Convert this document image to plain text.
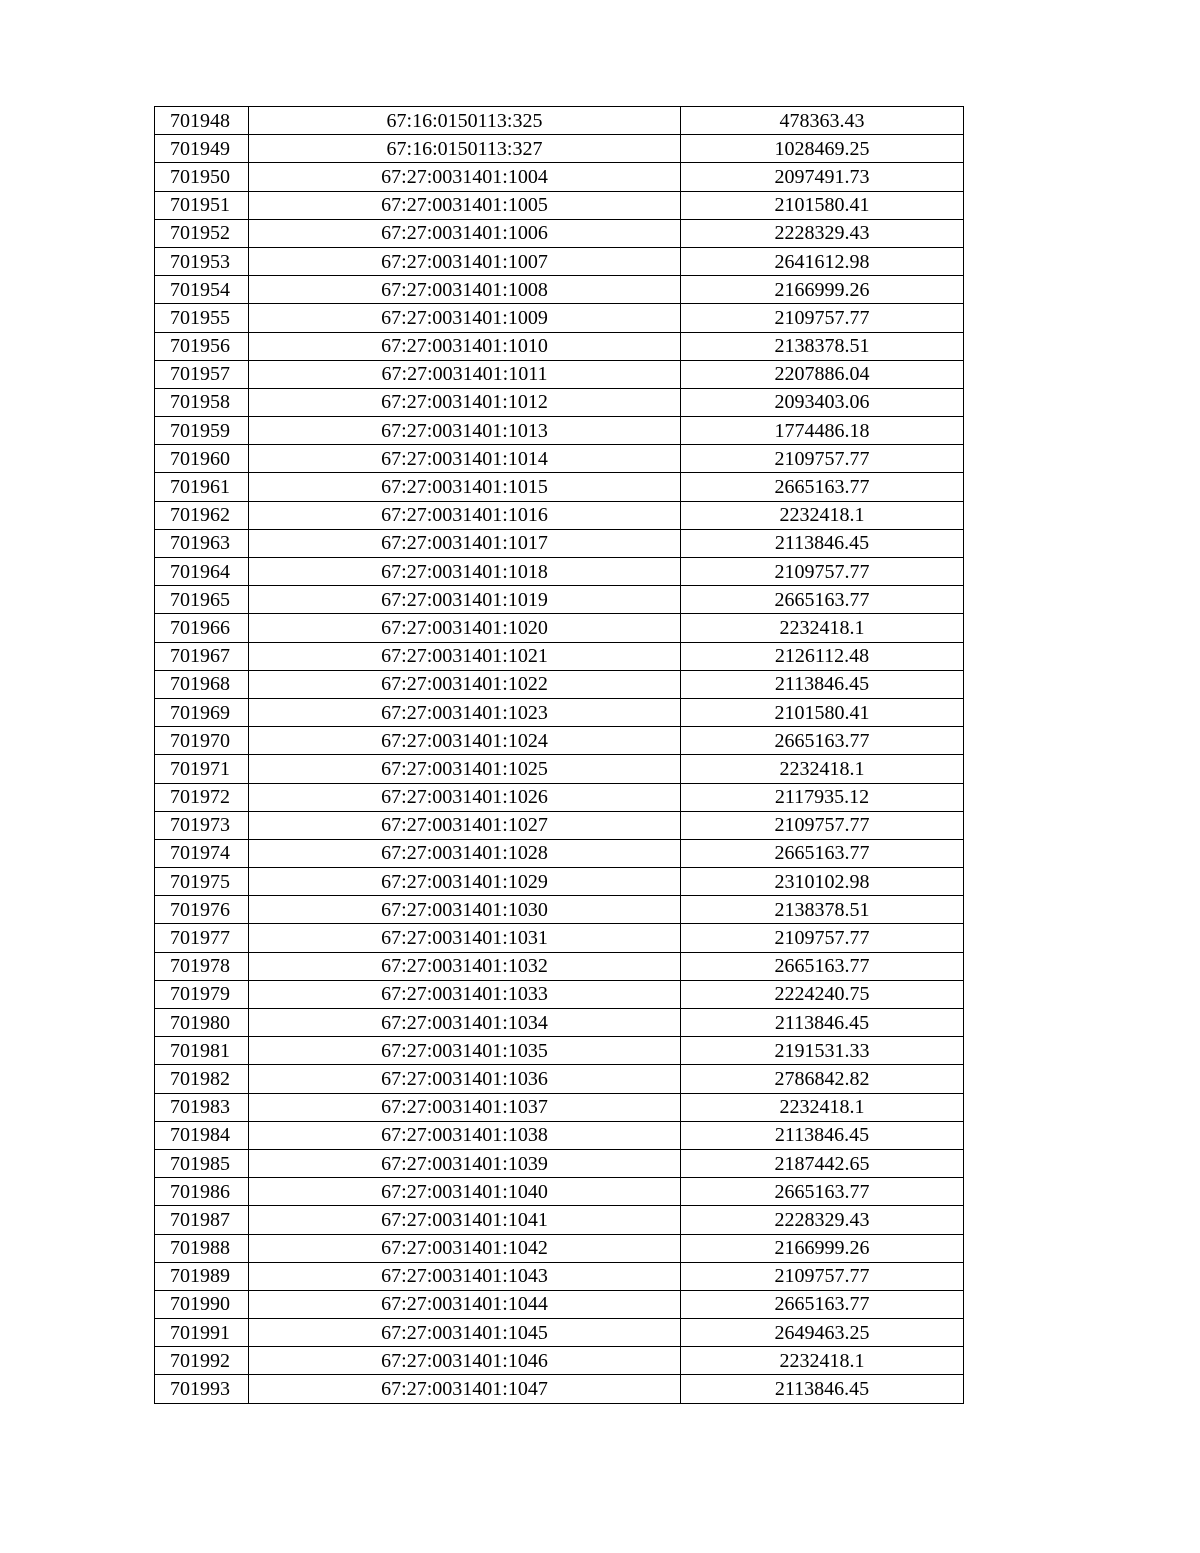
701948	67:16:0150113:325	478363.43
701949	67:16:0150113:327	1028469.25
701950	67:27:0031401:1004	2097491.73
701951	67:27:0031401:1005	2101580.41
701952	67:27:0031401:1006	2228329.43
701953	67:27:0031401:1007	2641612.98
701954	67:27:0031401:1008	2166999.26
701955	67:27:0031401:1009	2109757.77
701956	67:27:0031401:1010	2138378.51
701957	67:27:0031401:1011	2207886.04
701958	67:27:0031401:1012	2093403.06
701959	67:27:0031401:1013	1774486.18
701960	67:27:0031401:1014	2109757.77
701961	67:27:0031401:1015	2665163.77
701962	67:27:0031401:1016	2232418.1
701963	67:27:0031401:1017	2113846.45
701964	67:27:0031401:1018	2109757.77
701965	67:27:0031401:1019	2665163.77
701966	67:27:0031401:1020	2232418.1
701967	67:27:0031401:1021	2126112.48
701968	67:27:0031401:1022	2113846.45
701969	67:27:0031401:1023	2101580.41
701970	67:27:0031401:1024	2665163.77
701971	67:27:0031401:1025	2232418.1
701972	67:27:0031401:1026	2117935.12
701973	67:27:0031401:1027	2109757.77
701974	67:27:0031401:1028	2665163.77
701975	67:27:0031401:1029	2310102.98
701976	67:27:0031401:1030	2138378.51
701977	67:27:0031401:1031	2109757.77
701978	67:27:0031401:1032	2665163.77
701979	67:27:0031401:1033	2224240.75
701980	67:27:0031401:1034	2113846.45
701981	67:27:0031401:1035	2191531.33
701982	67:27:0031401:1036	2786842.82
701983	67:27:0031401:1037	2232418.1
701984	67:27:0031401:1038	2113846.45
701985	67:27:0031401:1039	2187442.65
701986	67:27:0031401:1040	2665163.77
701987	67:27:0031401:1041	2228329.43
701988	67:27:0031401:1042	2166999.26
701989	67:27:0031401:1043	2109757.77
701990	67:27:0031401:1044	2665163.77
701991	67:27:0031401:1045	2649463.25
701992	67:27:0031401:1046	2232418.1
701993	67:27:0031401:1047	2113846.45
